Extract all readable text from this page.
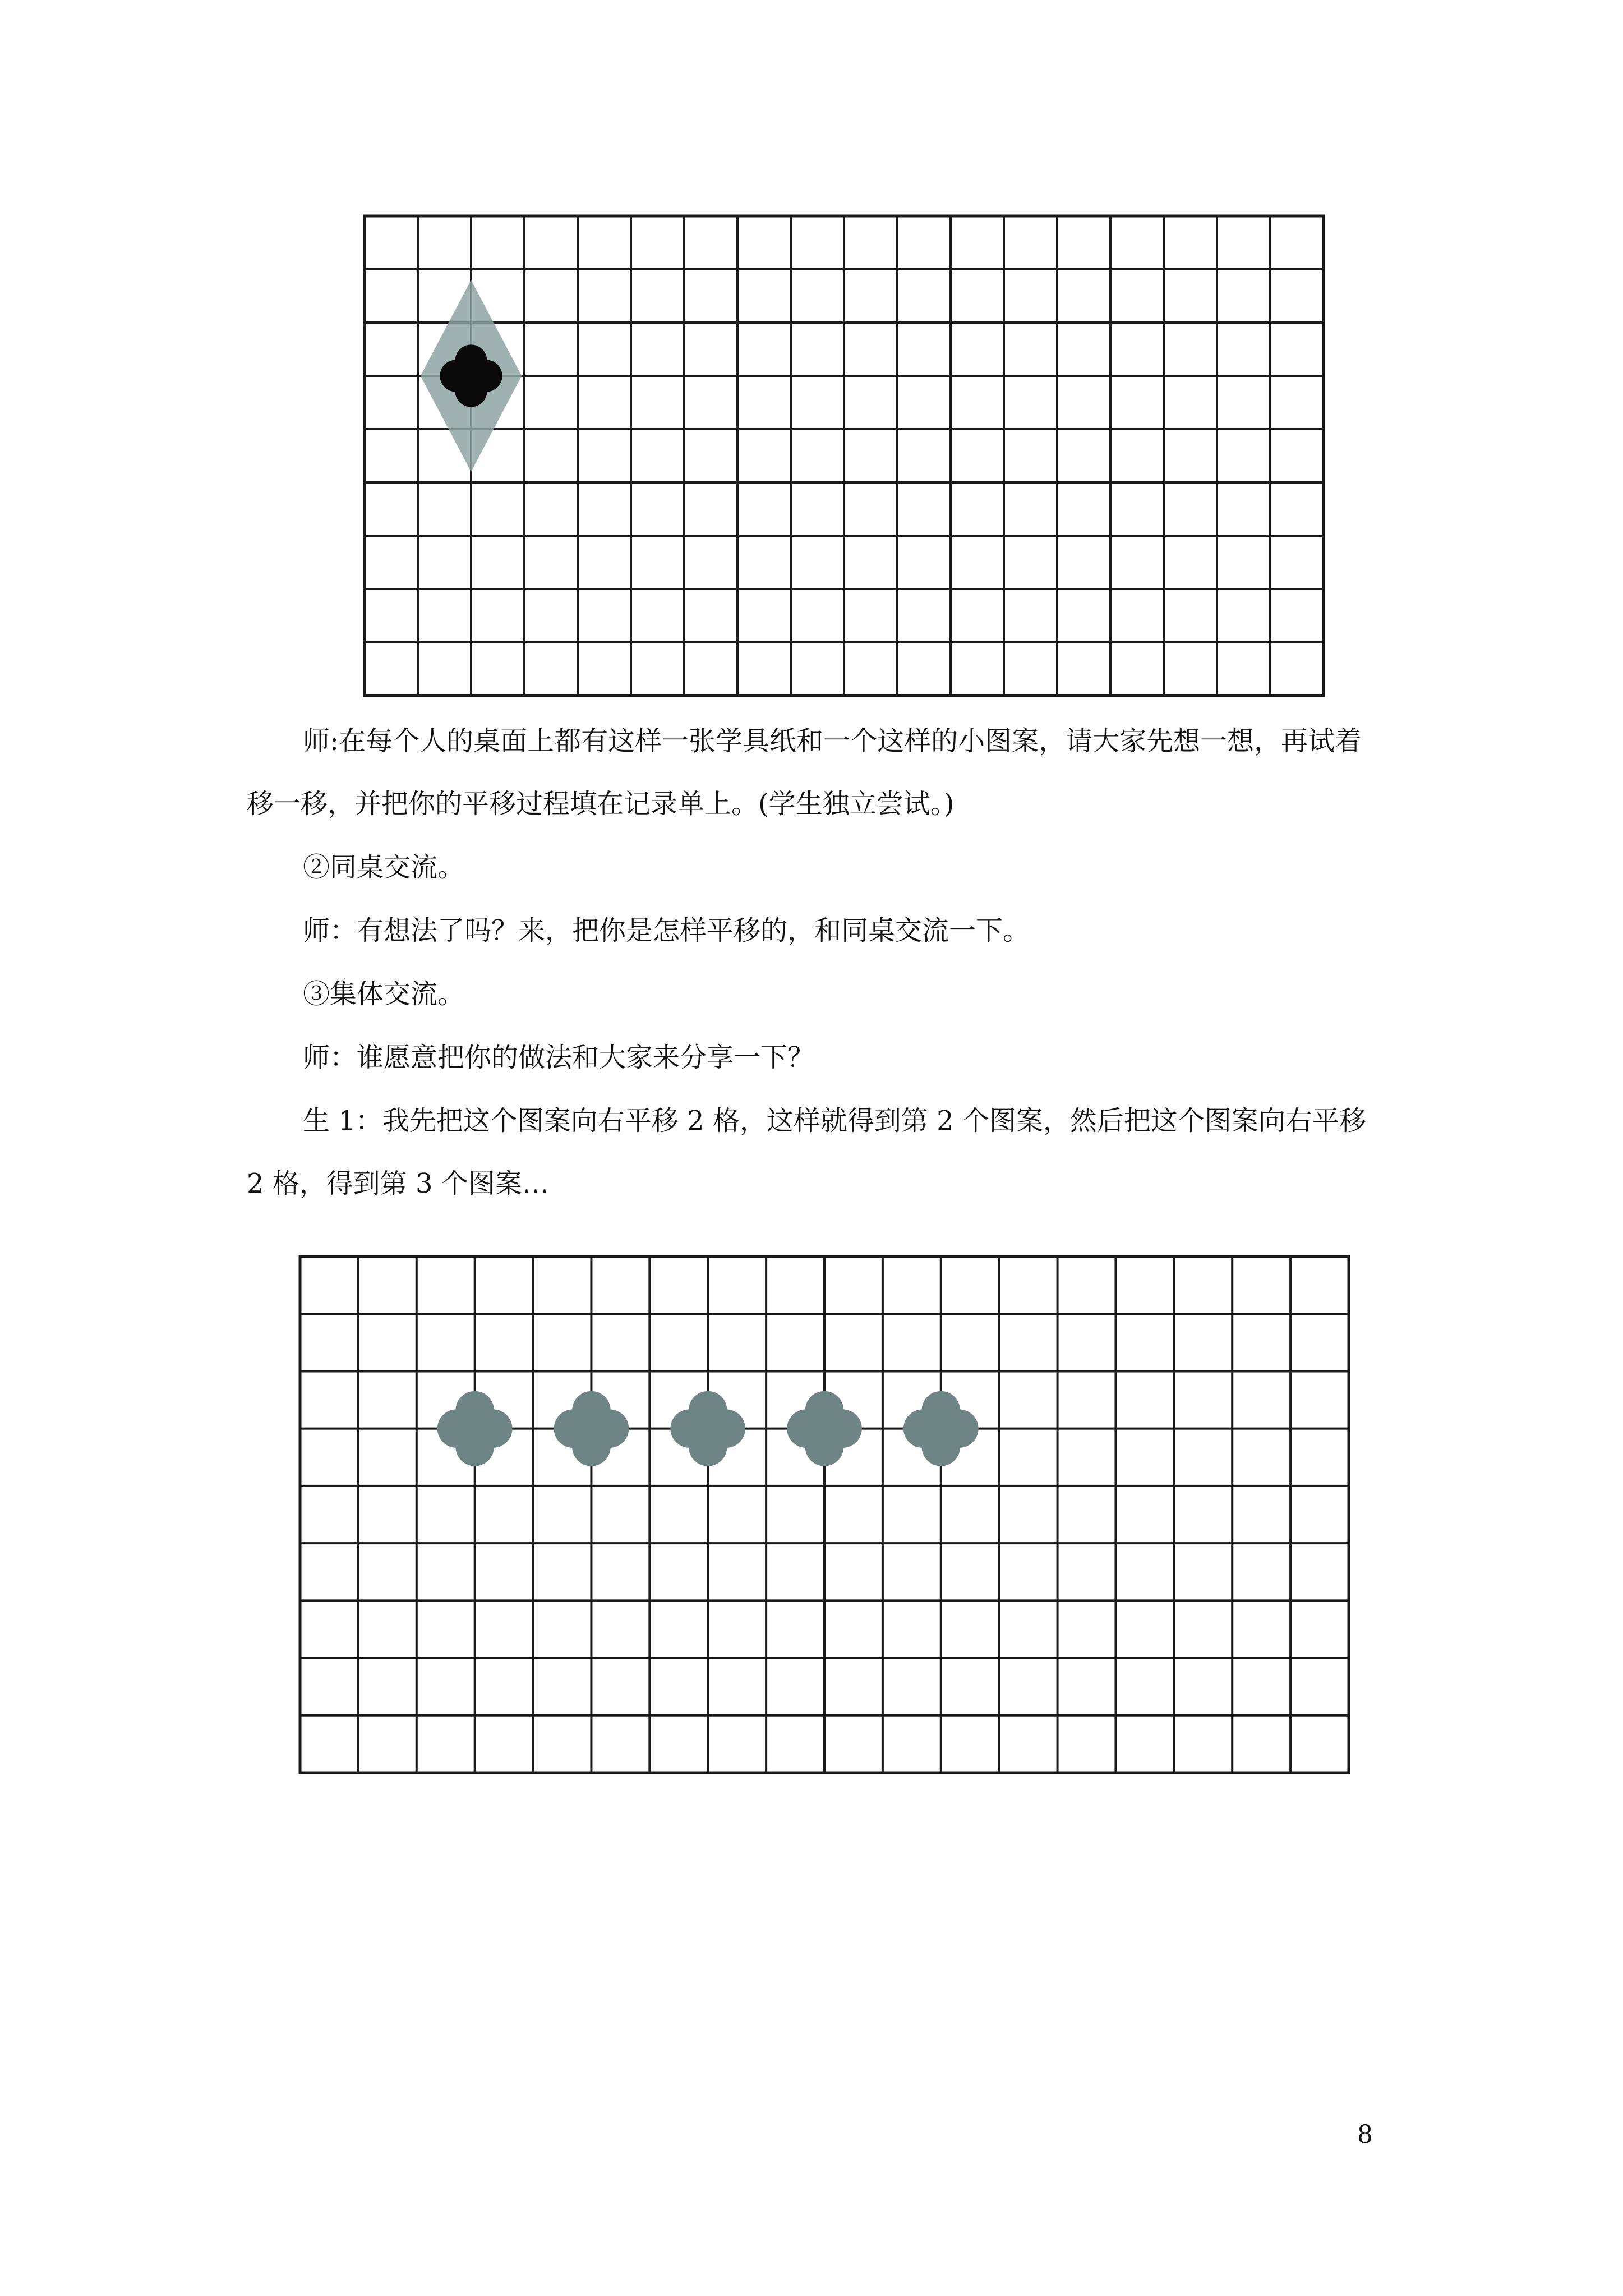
师:在每个人的桌面上都有这样一张学具纸和一个这样的小图案，请大家先想一想，再试着移一移，并把你的平移过程填在记录单上。(学生独立尝试。)

②同桌交流。

师：有想法了吗？来，把你是怎样平移的，和同桌交流一下。

③集体交流。

师：谁愿意把你的做法和大家来分享一下？

生 1：我先把这个图案向右平移 2 格，这样就得到第 2 个图案，然后把这个图案向右平移 2 格，得到第 3 个图案…

8
